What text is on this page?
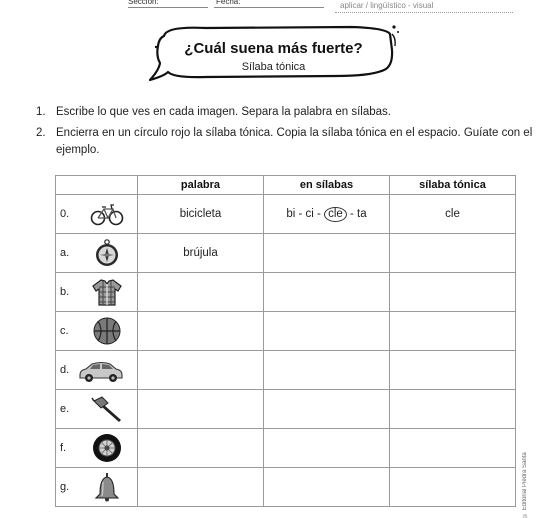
Sección:	Fecha:	aplicar / lingüístico - visual
¿Cuál suena más fuerte?
Sílaba tónica
1. Escribe lo que ves en cada imagen. Separa la palabra en sílabas.
2. Encierra en un círculo rojo la sílaba tónica. Copia la sílaba tónica en el espacio. Guíate con el ejemplo.
	palabra	en sílabas	sílaba tónica

0.	bicicleta	bi - ci - cle - ta	cle

a.	brújula		

b.			

c.			

d.			

e.			

f.			

g.			
				© Editorial Piedra Santa
